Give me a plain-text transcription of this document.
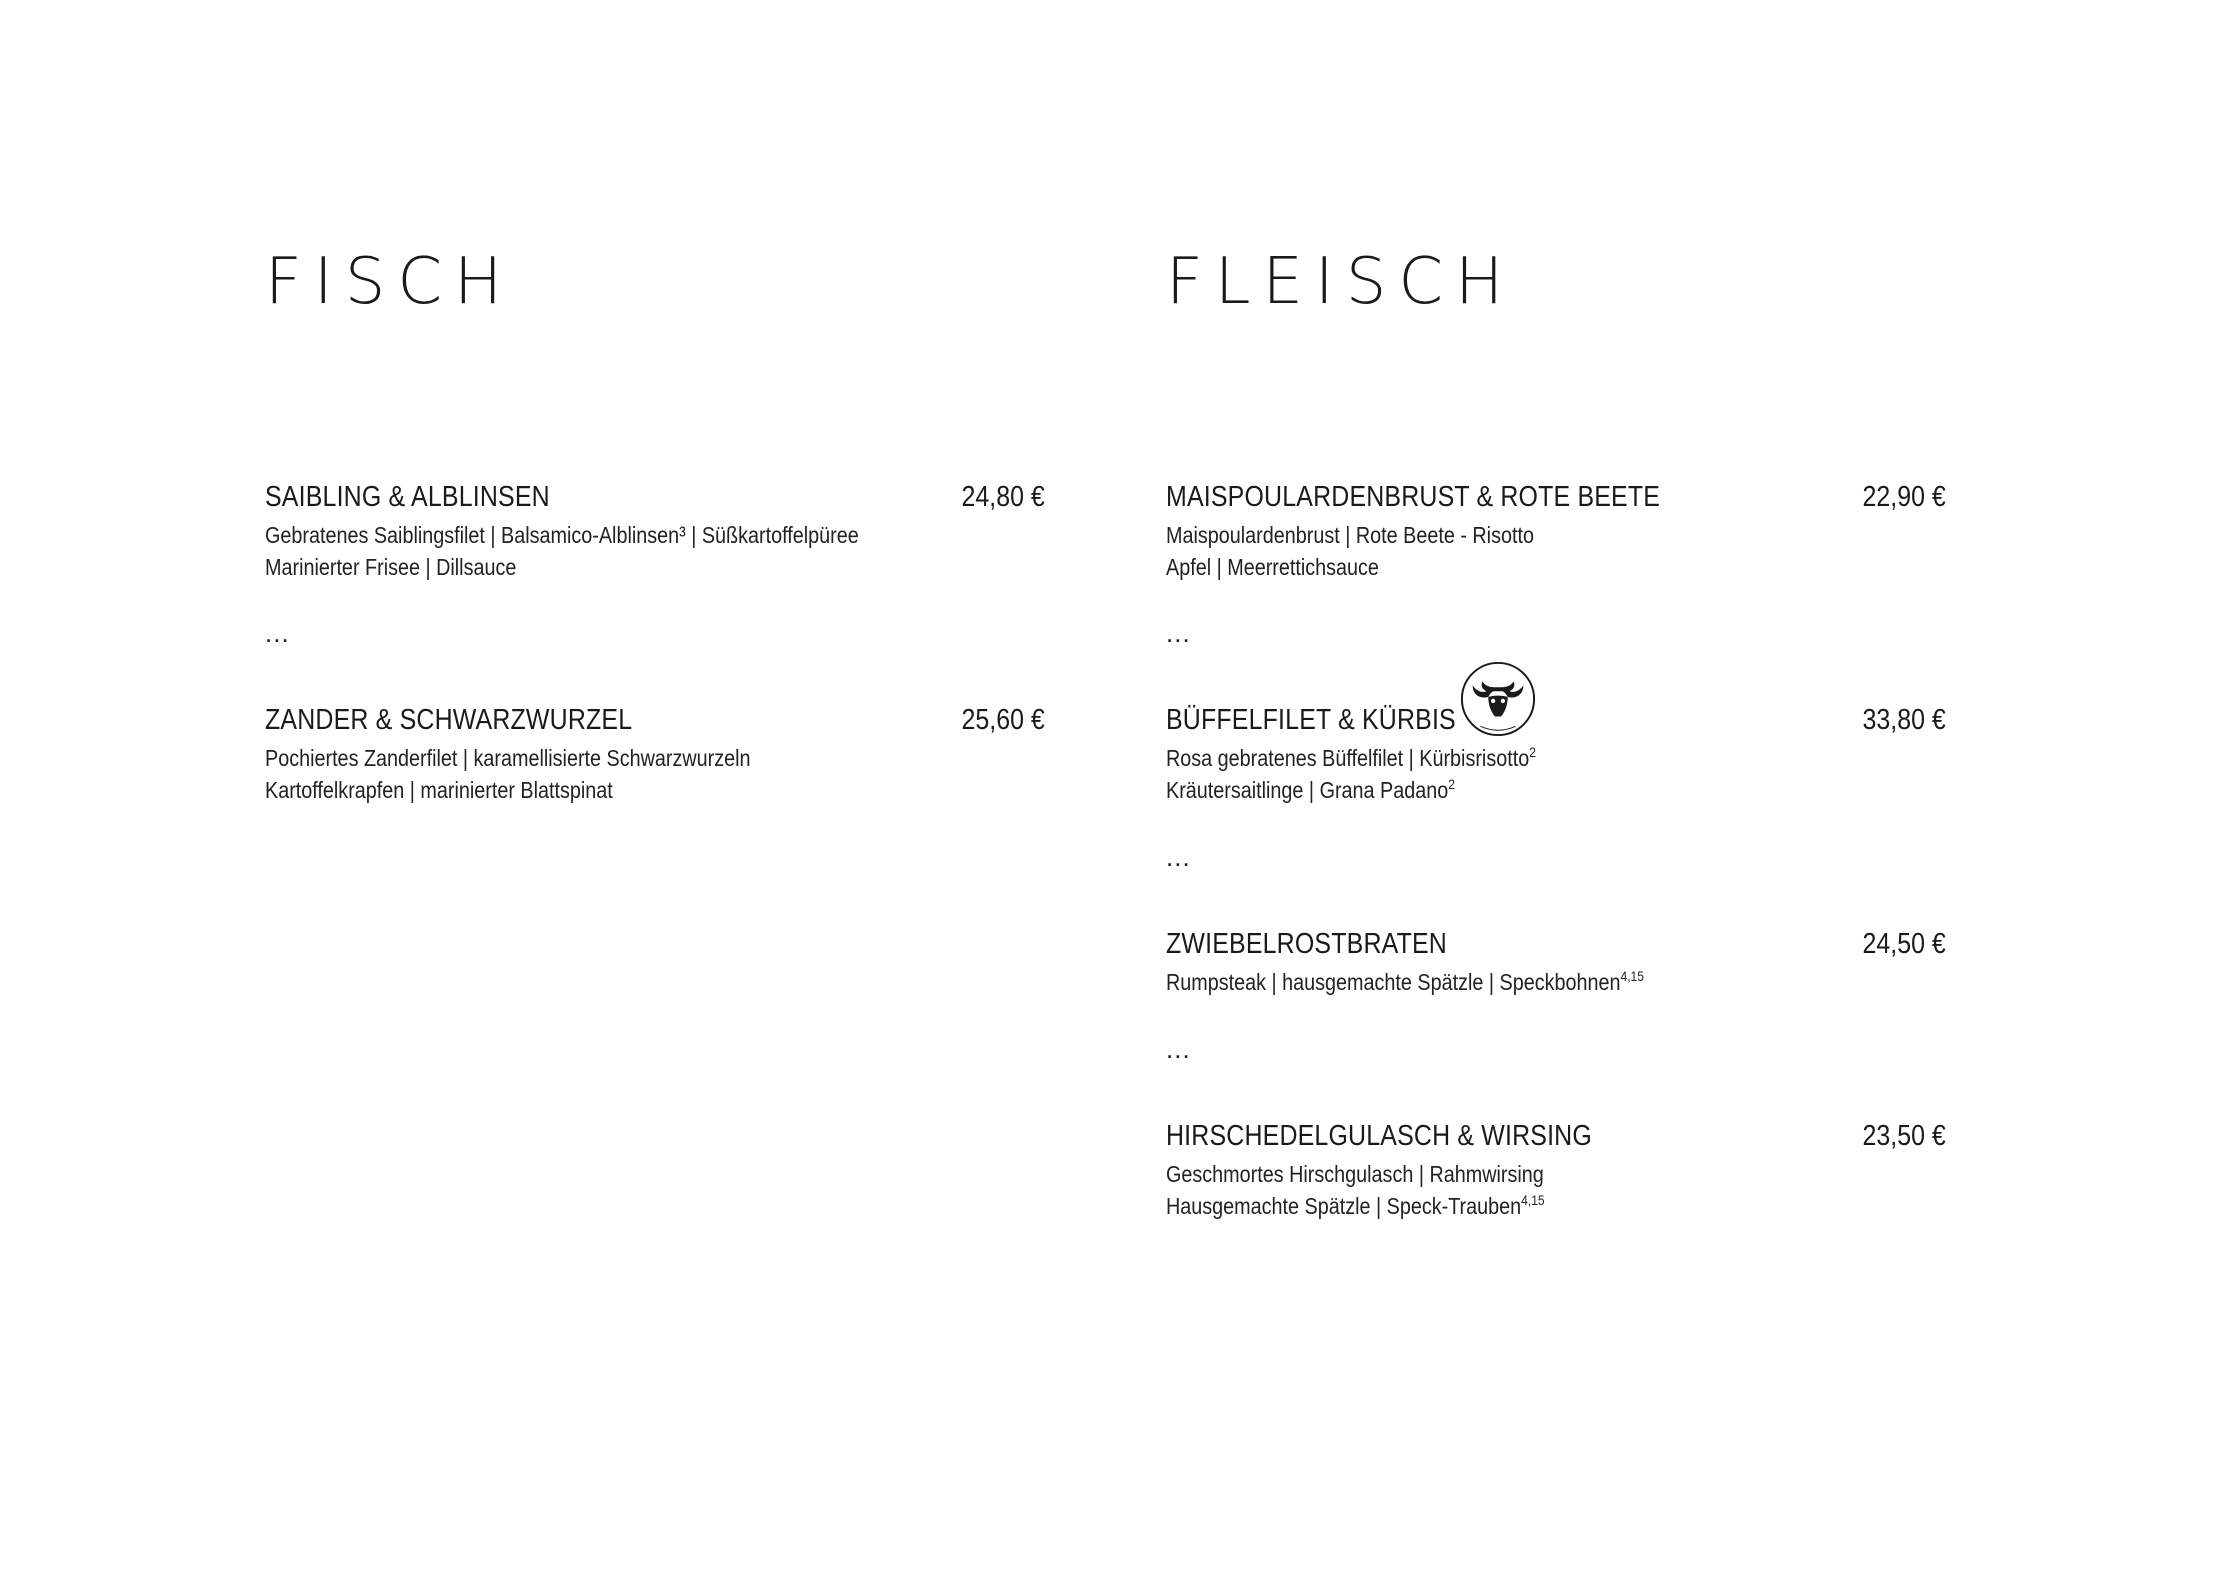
FISCH
SAIBLING & ALBLINSEN	24,80 €
Gebratenes Saiblingsfilet | Balsamico-Alblinsen³ | Süßkartoffelpüree
Marinierter Frisee | Dillsauce
...
ZANDER & SCHWARZWURZEL	25,60 €
Pochiertes Zanderfilet | karamellisierte Schwarzwurzeln
Kartoffelkrapfen | marinierter Blattspinat
FLEISCH
MAISPOULARDENBRUST & ROTE BEETE	22,90 €
Maispoulardenbrust | Rote Beete - Risotto
Apfel | Meerrettichsauce
...
BÜFFELFILET & KÜRBIS	33,80 €
Rosa gebratenes Büffelfilet | Kürbisrisotto$^2$
Kräutersaitlinge | Grana Padano$^2$
...
ZWIEBELROSTBRATEN	24,50 €
Rumpsteak | hausgemachte Spätzle | Speckbohnen$^{4,15}$
...
HIRSCHEDELGULASCH & WIRSING	23,50 €
Geschmortes Hirschgulasch | Rahmwirsing
Hausgemachte Spätzle | Speck-Trauben$^{4,15}$
